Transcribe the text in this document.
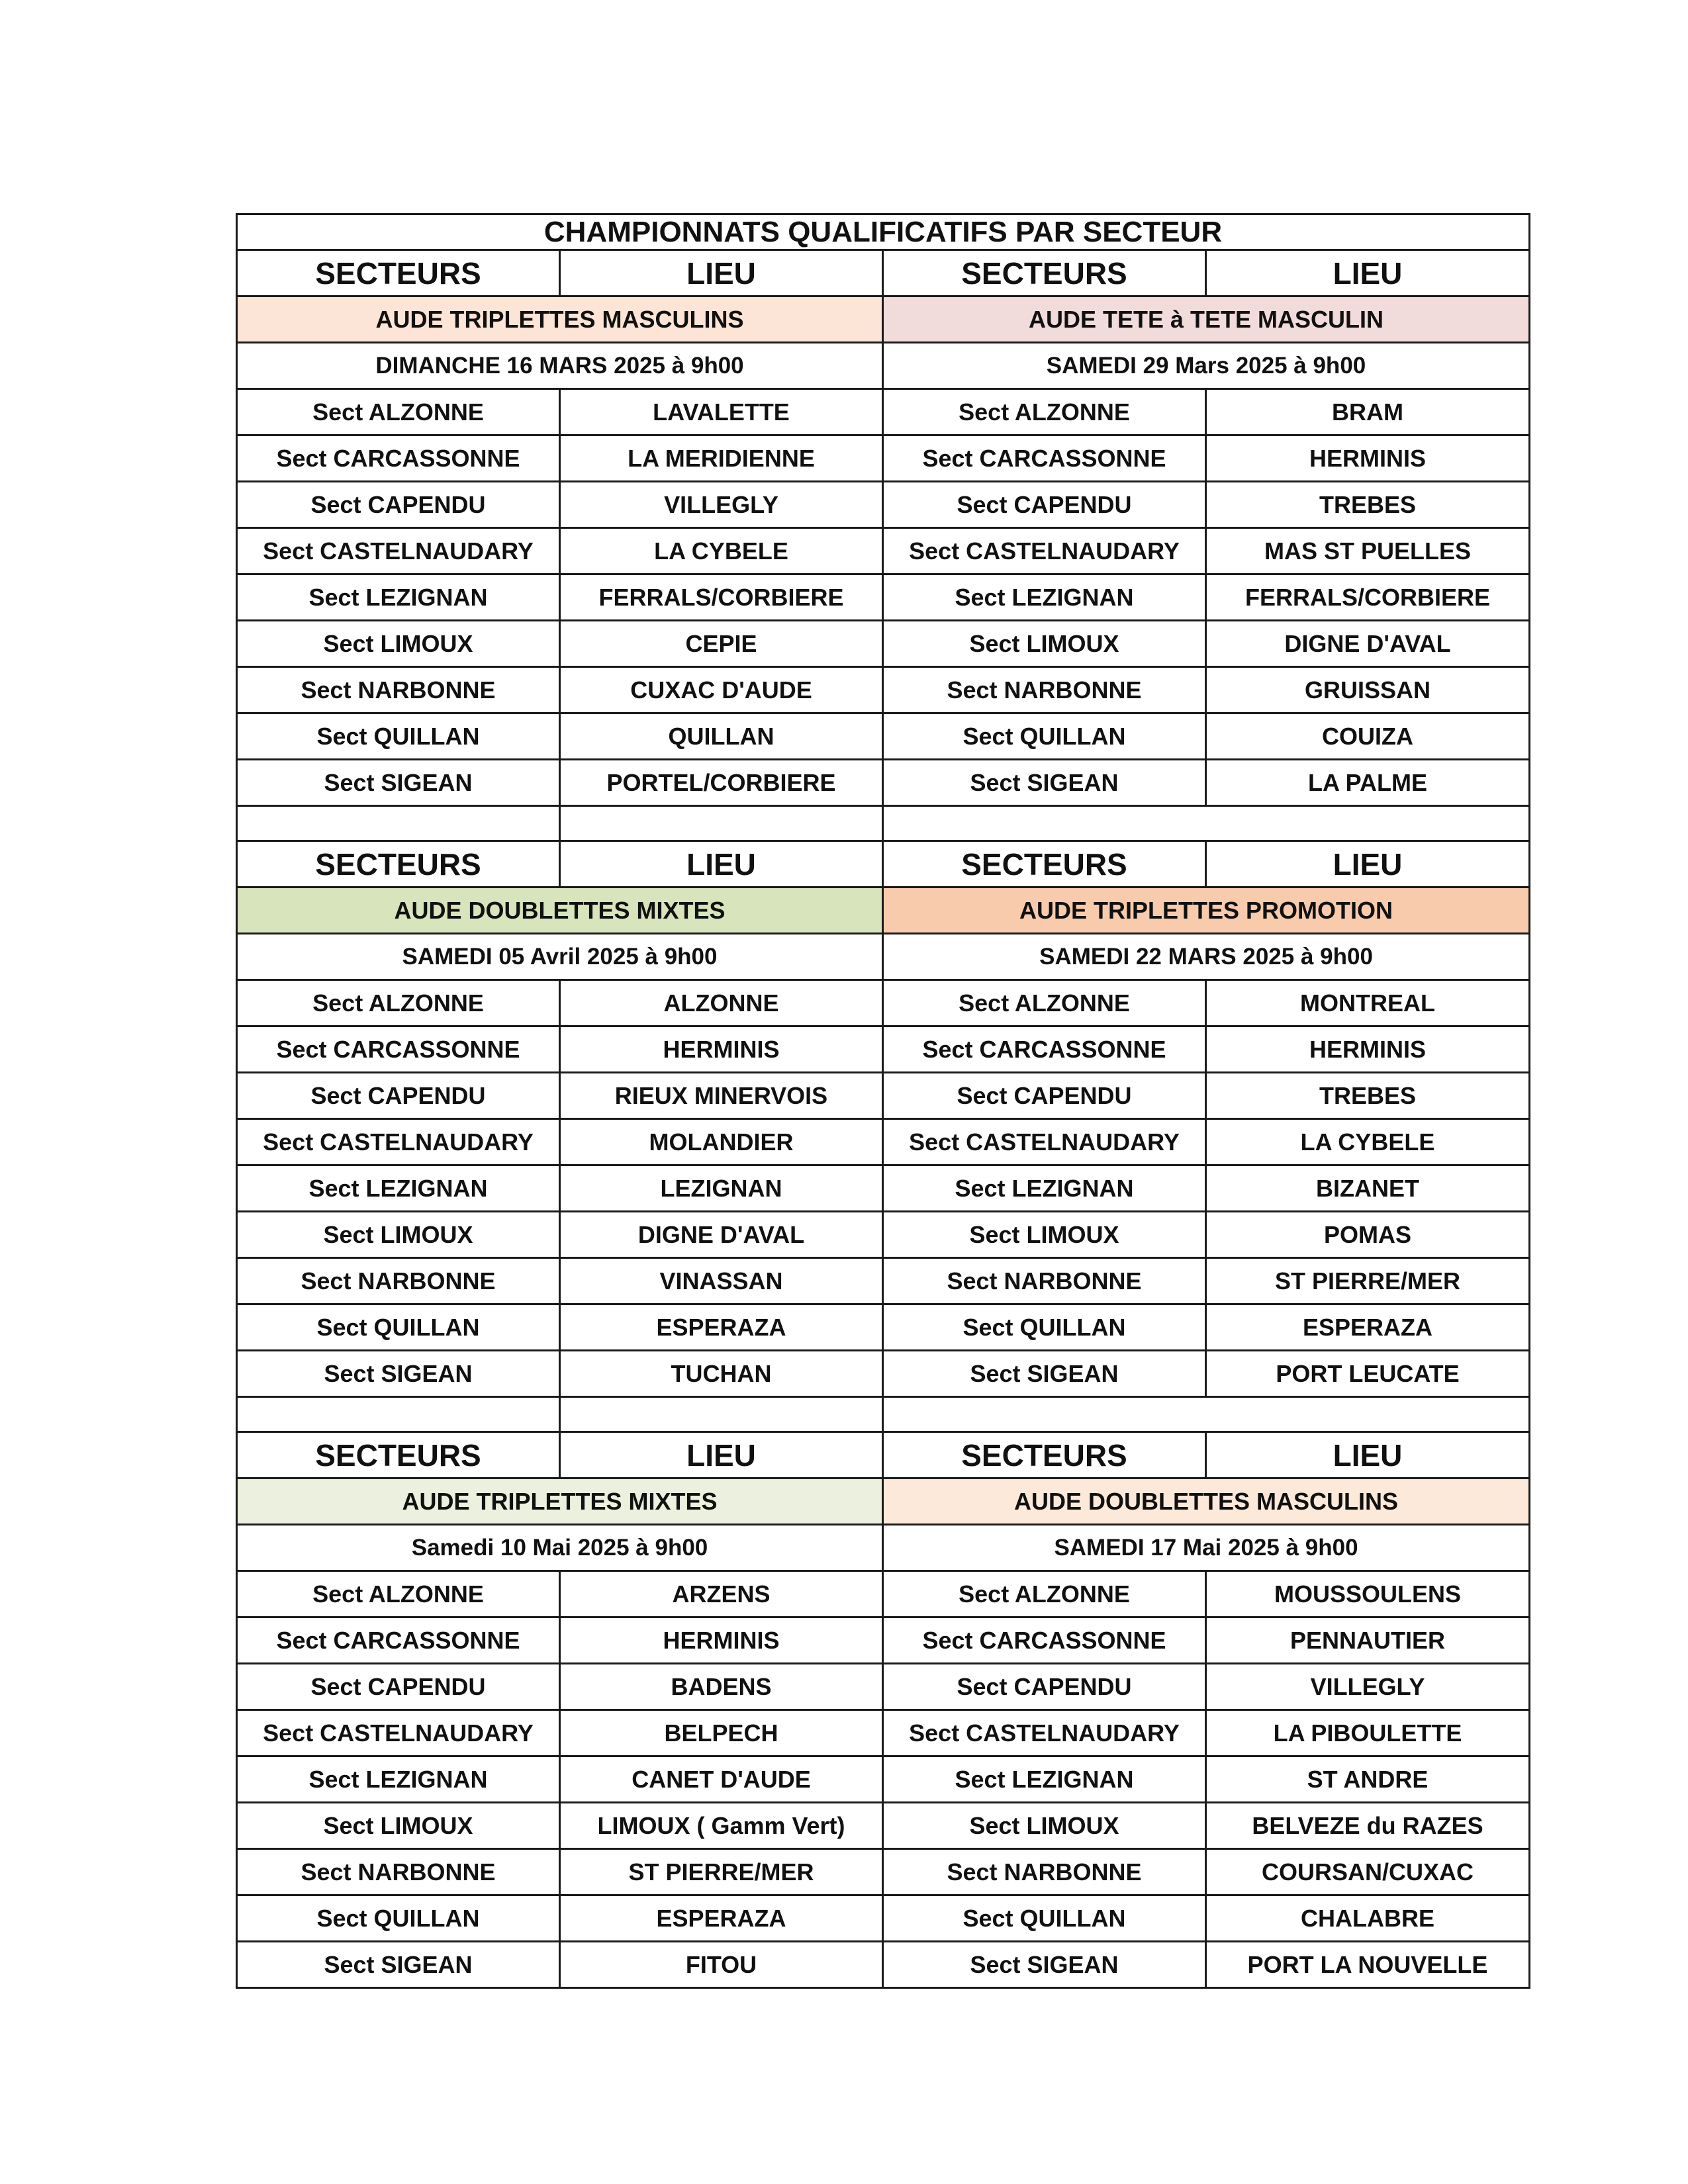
CHAMPIONNATS QUALIFICATIFS PAR SECTEUR			
SECTEURS	LIEU	SECTEURS	LIEU
AUDE TRIPLETTES MASCULINS		AUDE TETE à TETE MASCULIN	
DIMANCHE 16 MARS 2025 à 9h00		SAMEDI 29 Mars 2025 à 9h00	
Sect ALZONNE	LAVALETTE	Sect ALZONNE	BRAM
Sect CARCASSONNE	LA MERIDIENNE	Sect CARCASSONNE	HERMINIS
Sect CAPENDU	VILLEGLY	Sect CAPENDU	TREBES
Sect CASTELNAUDARY	LA CYBELE	Sect CASTELNAUDARY	MAS ST PUELLES
Sect LEZIGNAN	FERRALS/CORBIERE	Sect LEZIGNAN	FERRALS/CORBIERE
Sect LIMOUX	CEPIE	Sect LIMOUX	DIGNE D'AVAL
Sect NARBONNE	CUXAC D'AUDE	Sect NARBONNE	GRUISSAN
Sect QUILLAN	QUILLAN	Sect QUILLAN	COUIZA
Sect SIGEAN	PORTEL/CORBIERE	Sect SIGEAN	LA PALME

SECTEURS	LIEU	SECTEURS	LIEU
AUDE DOUBLETTES MIXTES		AUDE TRIPLETTES PROMOTION	
SAMEDI 05 Avril 2025 à 9h00		SAMEDI 22 MARS 2025 à 9h00	
Sect ALZONNE	ALZONNE	Sect ALZONNE	MONTREAL
Sect CARCASSONNE	HERMINIS	Sect CARCASSONNE	HERMINIS
Sect CAPENDU	RIEUX MINERVOIS	Sect CAPENDU	TREBES
Sect CASTELNAUDARY	MOLANDIER	Sect CASTELNAUDARY	LA CYBELE
Sect LEZIGNAN	LEZIGNAN	Sect LEZIGNAN	BIZANET
Sect LIMOUX	DIGNE D'AVAL	Sect LIMOUX	POMAS
Sect NARBONNE	VINASSAN	Sect NARBONNE	ST PIERRE/MER
Sect QUILLAN	ESPERAZA	Sect QUILLAN	ESPERAZA
Sect SIGEAN	TUCHAN	Sect SIGEAN	PORT LEUCATE

SECTEURS	LIEU	SECTEURS	LIEU
AUDE TRIPLETTES MIXTES		AUDE DOUBLETTES MASCULINS	
Samedi 10 Mai 2025 à 9h00		SAMEDI 17 Mai 2025 à 9h00	
Sect ALZONNE	ARZENS	Sect ALZONNE	MOUSSOULENS
Sect CARCASSONNE	HERMINIS	Sect CARCASSONNE	PENNAUTIER
Sect CAPENDU	BADENS	Sect CAPENDU	VILLEGLY
Sect CASTELNAUDARY	BELPECH	Sect CASTELNAUDARY	LA PIBOULETTE
Sect LEZIGNAN	CANET D'AUDE	Sect LEZIGNAN	ST ANDRE
Sect LIMOUX	LIMOUX ( Gamm Vert)	Sect LIMOUX	BELVEZE du RAZES
Sect NARBONNE	ST PIERRE/MER	Sect NARBONNE	COURSAN/CUXAC
Sect QUILLAN	ESPERAZA	Sect QUILLAN	CHALABRE
Sect SIGEAN	FITOU	Sect SIGEAN	PORT LA NOUVELLE
